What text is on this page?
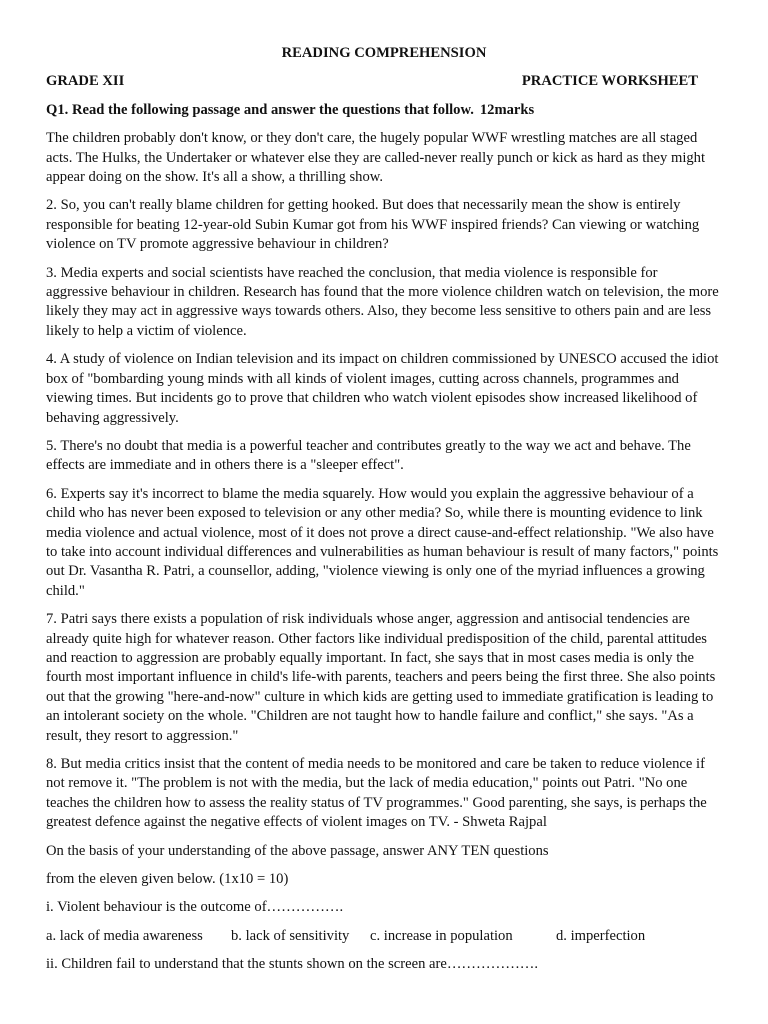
READING COMPREHENSION
GRADE XII	PRACTICE WORKSHEET
Q1. Read the following passage and answer the questions that follow. 12marks

The children probably don't know, or they don't care, the hugely popular WWF wrestling matches are all staged acts. The Hulks, the Undertaker or whatever else they are called-never really punch or kick as hard as they might appear doing on the show. It's all a show, a thrilling show.

2. So, you can't really blame children for getting hooked. But does that necessarily mean the show is entirely responsible for beating 12-year-old Subin Kumar got from his WWF inspired friends? Can viewing or watching violence on TV promote aggressive behaviour in children?

3. Media experts and social scientists have reached the conclusion, that media violence is responsible for aggressive behaviour in children. Research has found that the more violence children watch on television, the more likely they may act in aggressive ways towards others. Also, they become less sensitive to others pain and are less likely to help a victim of violence.

4. A study of violence on Indian television and its impact on children commissioned by UNESCO accused the idiot box of "bombarding young minds with all kinds of violent images, cutting across channels, programmes and viewing times. But incidents go to prove that children who watch violent episodes show increased likelihood of behaving aggressively.

5. There's no doubt that media is a powerful teacher and contributes greatly to the way we act and behave. The effects are immediate and in others there is a "sleeper effect".

6. Experts say it's incorrect to blame the media squarely. How would you explain the aggressive behaviour of a child who has never been exposed to television or any other media? So, while there is mounting evidence to link media violence and actual violence, most of it does not prove a direct cause-and-effect relationship. "We also have to take into account individual differences and vulnerabilities as human behaviour is result of many factors," points out Dr. Vasantha R. Patri, a counsellor, adding, "violence viewing is only one of the myriad influences a growing child."

7. Patri says there exists a population of risk individuals whose anger, aggression and antisocial tendencies are already quite high for whatever reason. Other factors like individual predisposition of the child, parental attitudes and reaction to aggression are probably equally important. In fact, she says that in most cases media is only the fourth most important influence in child's life-with parents, teachers and peers being the first three. She also points out that the growing "here-and-now" culture in which kids are getting used to immediate gratification is leading to an intolerant society on the whole. "Children are not taught how to handle failure and conflict," she says. "As a result, they resort to aggression."

8. But media critics insist that the content of media needs to be monitored and care be taken to reduce violence if not remove it. "The problem is not with the media, but the lack of media education," points out Patri. "No one teaches the children how to assess the reality status of TV programmes." Good parenting, she says, is perhaps the greatest defence against the negative effects of violent images on TV. - Shweta Rajpal

On the basis of your understanding of the above passage, answer ANY TEN questions

from the eleven given below. (1x10 = 10)

i. Violent behaviour is the outcome of…………….

a. lack of media awareness	b. lack of sensitivity	c. increase in population	d. imperfection

ii. Children fail to understand that the stunts shown on the screen are……………….
